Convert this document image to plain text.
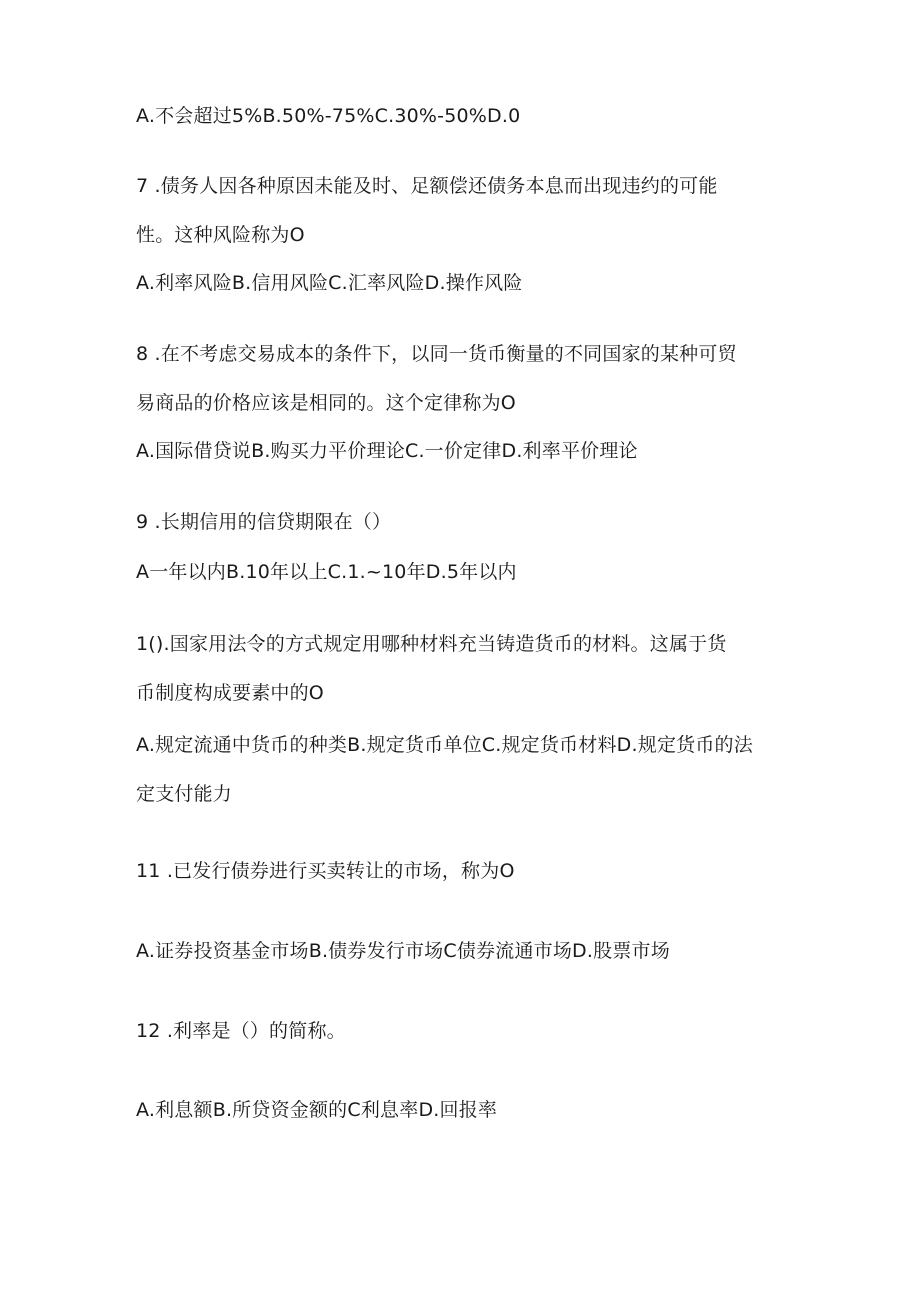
A.不会超过5%B.50%-75%C.30%-50%D.0
7 .债务人因各种原因未能及时、足额偿还债务本息而出现违约的可能
性。这种风险称为O
A.利率风险B.信用风险C.汇率风险D.操作风险
8 .在不考虑交易成本的条件下，以同一货币衡量的不同国家的某种可贸
易商品的价格应该是相同的。这个定律称为O
A.国际借贷说B.购买力平价理论C.一价定律D.利率平价理论
9 .长期信用的信贷期限在（）
A一年以内B.10年以上C.1.~10年D.5年以内
1().国家用法令的方式规定用哪种材料充当铸造货币的材料。这属于货
币制度构成要素中的O
A.规定流通中货币的种类B.规定货币单位C.规定货币材料D.规定货币的法
定支付能力
11 .已发行债券进行买卖转让的市场，称为O
A.证券投资基金市场B.债券发行市场C债券流通市场D.股票市场
12 .利率是（）的简称。
A.利息额B.所贷资金额的C利息率D.回报率
